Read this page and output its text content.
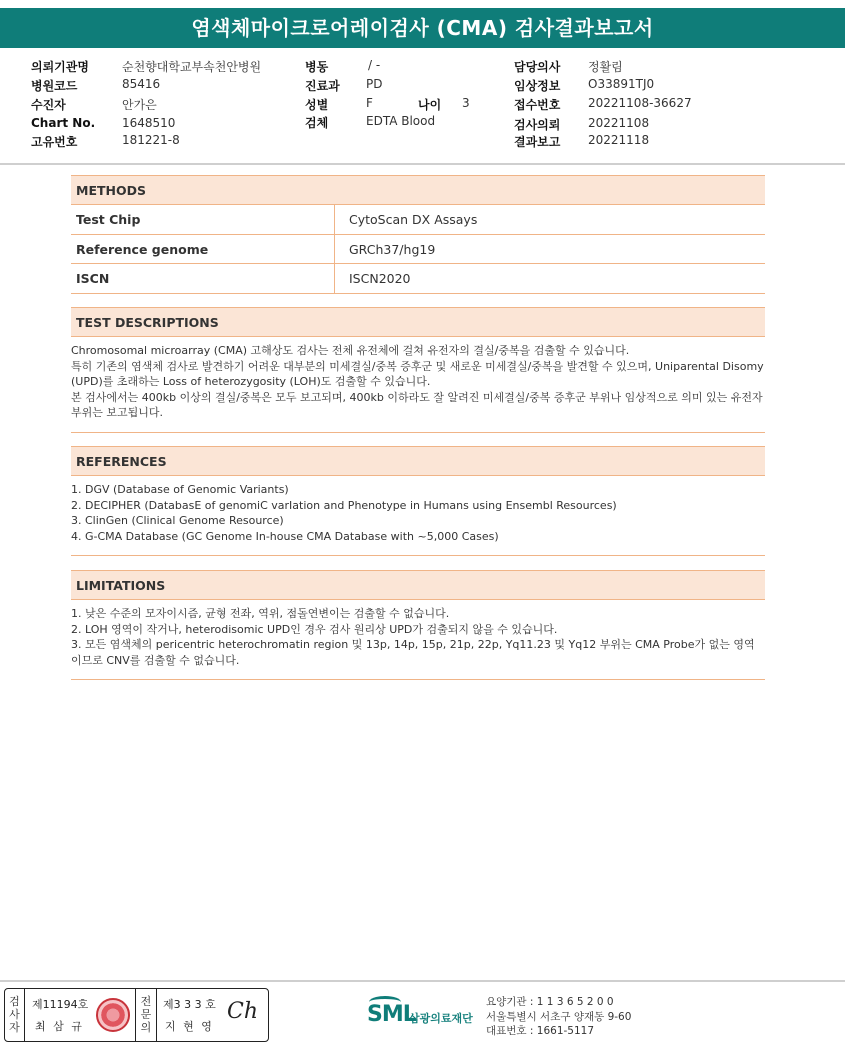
염색체마이크로어레이검사 (CMA) 검사결과보고서
의뢰기관명	순천향대학교부속천안병원
병원코드	85416
수진자	안가은
Chart No. 1648510
고유번호	181221-8
병동	/ -
진료과 PD
성별	F	나이 3
검체	EDTA Blood
담당의사 정활림
임상정보 O33891TJ0
접수번호 20221108-36627
검사의뢰 20221108
결과보고 20221118
METHODS
Test Chip	CytoScan DX Assays
Reference genome	GRCh37/hg19
ISCN	ISCN2020
TEST DESCRIPTIONS

Chromosomal microarray (CMA) 고해상도 검사는 전체 유전체에 걸쳐 유전자의 결실/중복을 검출할 수 있습니다.

특히 기존의 염색체 검사로 발견하기 어려운 대부분의 미세결실/중복 증후군 및 새로운 미세결실/중복을 발견할 수 있으며, Uniparental Disomy (UPD)를 초래하는 Loss of heterozygosity (LOH)도 검출할 수 있습니다.

본 검사에서는 400kb 이상의 결실/중복은 모두 보고되며, 400kb 이하라도 잘 알려진 미세결실/중복 증후군 부위나 임상적으로 의미 있는 유전자 부위는 보고됩니다.

REFERENCES

1. DGV (Database of Genomic Variants)

2. DECIPHER (DatabasE of genomiC varIation and Phenotype in Humans using Ensembl Resources)

3. ClinGen (Clinical Genome Resource)

4. G-CMA Database (GC Genome In-house CMA Database with ~5,000 Cases)

LIMITATIONS

1. 낮은 수준의 모자이시즘, 균형 전좌, 역위, 점돌연변이는 검출할 수 없습니다.

2. LOH 영역이 작거나, heterodisomic UPD인 경우 검사 원리상 UPD가 검출되지 않을 수 있습니다.

3. 모든 염색체의 pericentric heterochromatin region 및 13p, 14p, 15p, 21p, 22p, Yq11.23 및 Yq12 부위는 CMA Probe가 없는 영역이므로 CNV를 검출할 수 없습니다.

검
사
자
제11194호
최 삼 규
전
문
의
제3 3 3 호
지 현 영
Ch	SML
삼광의료재단
요양기관 : 1 1 3 6 5 2 0 0
서울특별시 서초구 양재동 9-60
대표번호 : 1661-5117
